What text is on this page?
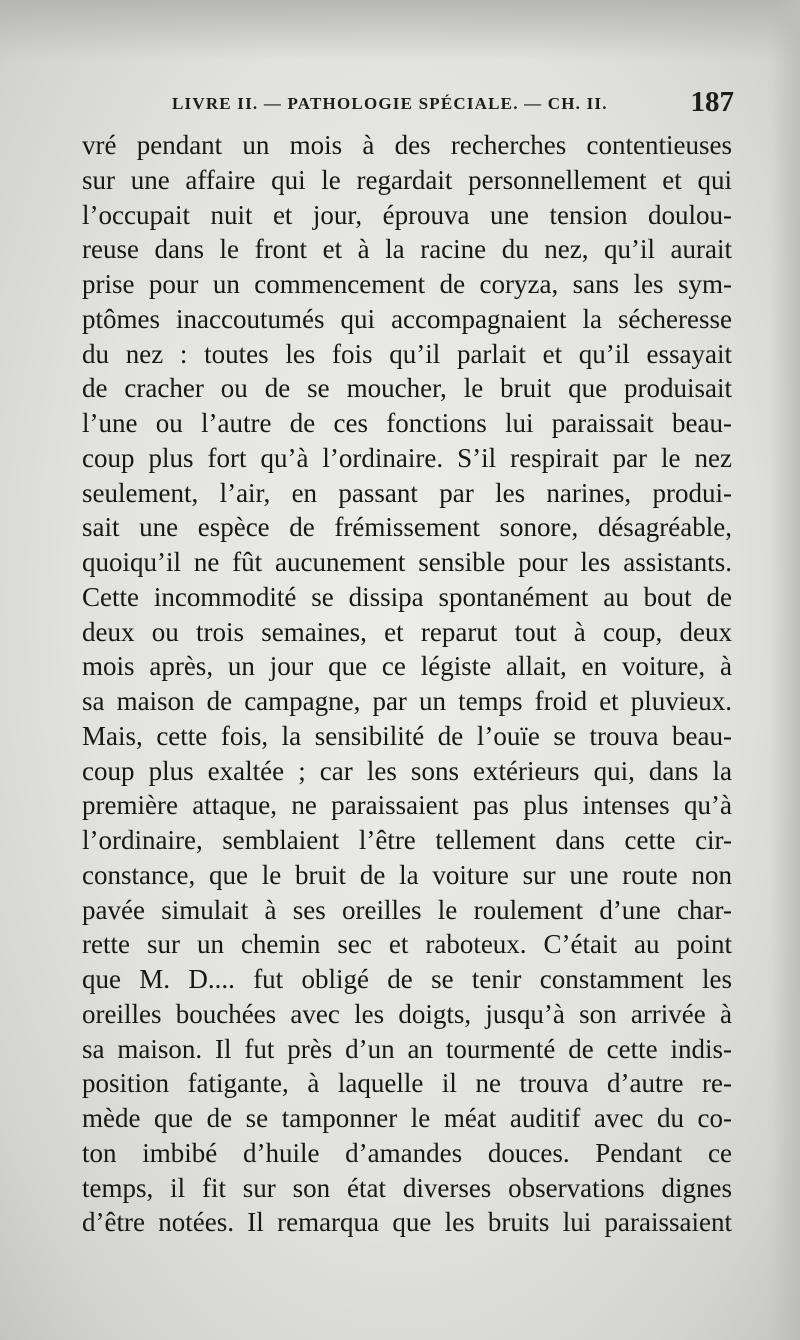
LIVRE II. — PATHOLOGIE SPÉCIALE. — CH. II.	187
vré pendant un mois à des recherches contentieuses
sur une affaire qui le regardait personnellement et qui
l’occupait nuit et jour, éprouva une tension doulou-
reuse dans le front et à la racine du nez, qu’il aurait
prise pour un commencement de coryza, sans les sym-
ptômes inaccoutumés qui accompagnaient la sécheresse
du nez : toutes les fois qu’il parlait et qu’il essayait
de cracher ou de se moucher, le bruit que produisait
l’une ou l’autre de ces fonctions lui paraissait beau-
coup plus fort qu’à l’ordinaire. S’il respirait par le nez
seulement, l’air, en passant par les narines, produi-
sait une espèce de frémissement sonore, désagréable,
quoiqu’il ne fût aucunement sensible pour les assistants.
Cette incommodité se dissipa spontanément au bout de
deux ou trois semaines, et reparut tout à coup, deux
mois après, un jour que ce légiste allait, en voiture, à
sa maison de campagne, par un temps froid et pluvieux.
Mais, cette fois, la sensibilité de l’ouïe se trouva beau-
coup plus exaltée ; car les sons extérieurs qui, dans la
première attaque, ne paraissaient pas plus intenses qu’à
l’ordinaire, semblaient l’être tellement dans cette cir-
constance, que le bruit de la voiture sur une route non
pavée simulait à ses oreilles le roulement d’une char-
rette sur un chemin sec et raboteux. C’était au point
que M. D.... fut obligé de se tenir constamment les
oreilles bouchées avec les doigts, jusqu’à son arrivée à
sa maison. Il fut près d’un an tourmenté de cette indis-
position fatigante, à laquelle il ne trouva d’autre re-
mède que de se tamponner le méat auditif avec du co-
ton imbibé d’huile d’amandes douces. Pendant ce
temps, il fit sur son état diverses observations dignes
d’être notées. Il remarqua que les bruits lui paraissaient
